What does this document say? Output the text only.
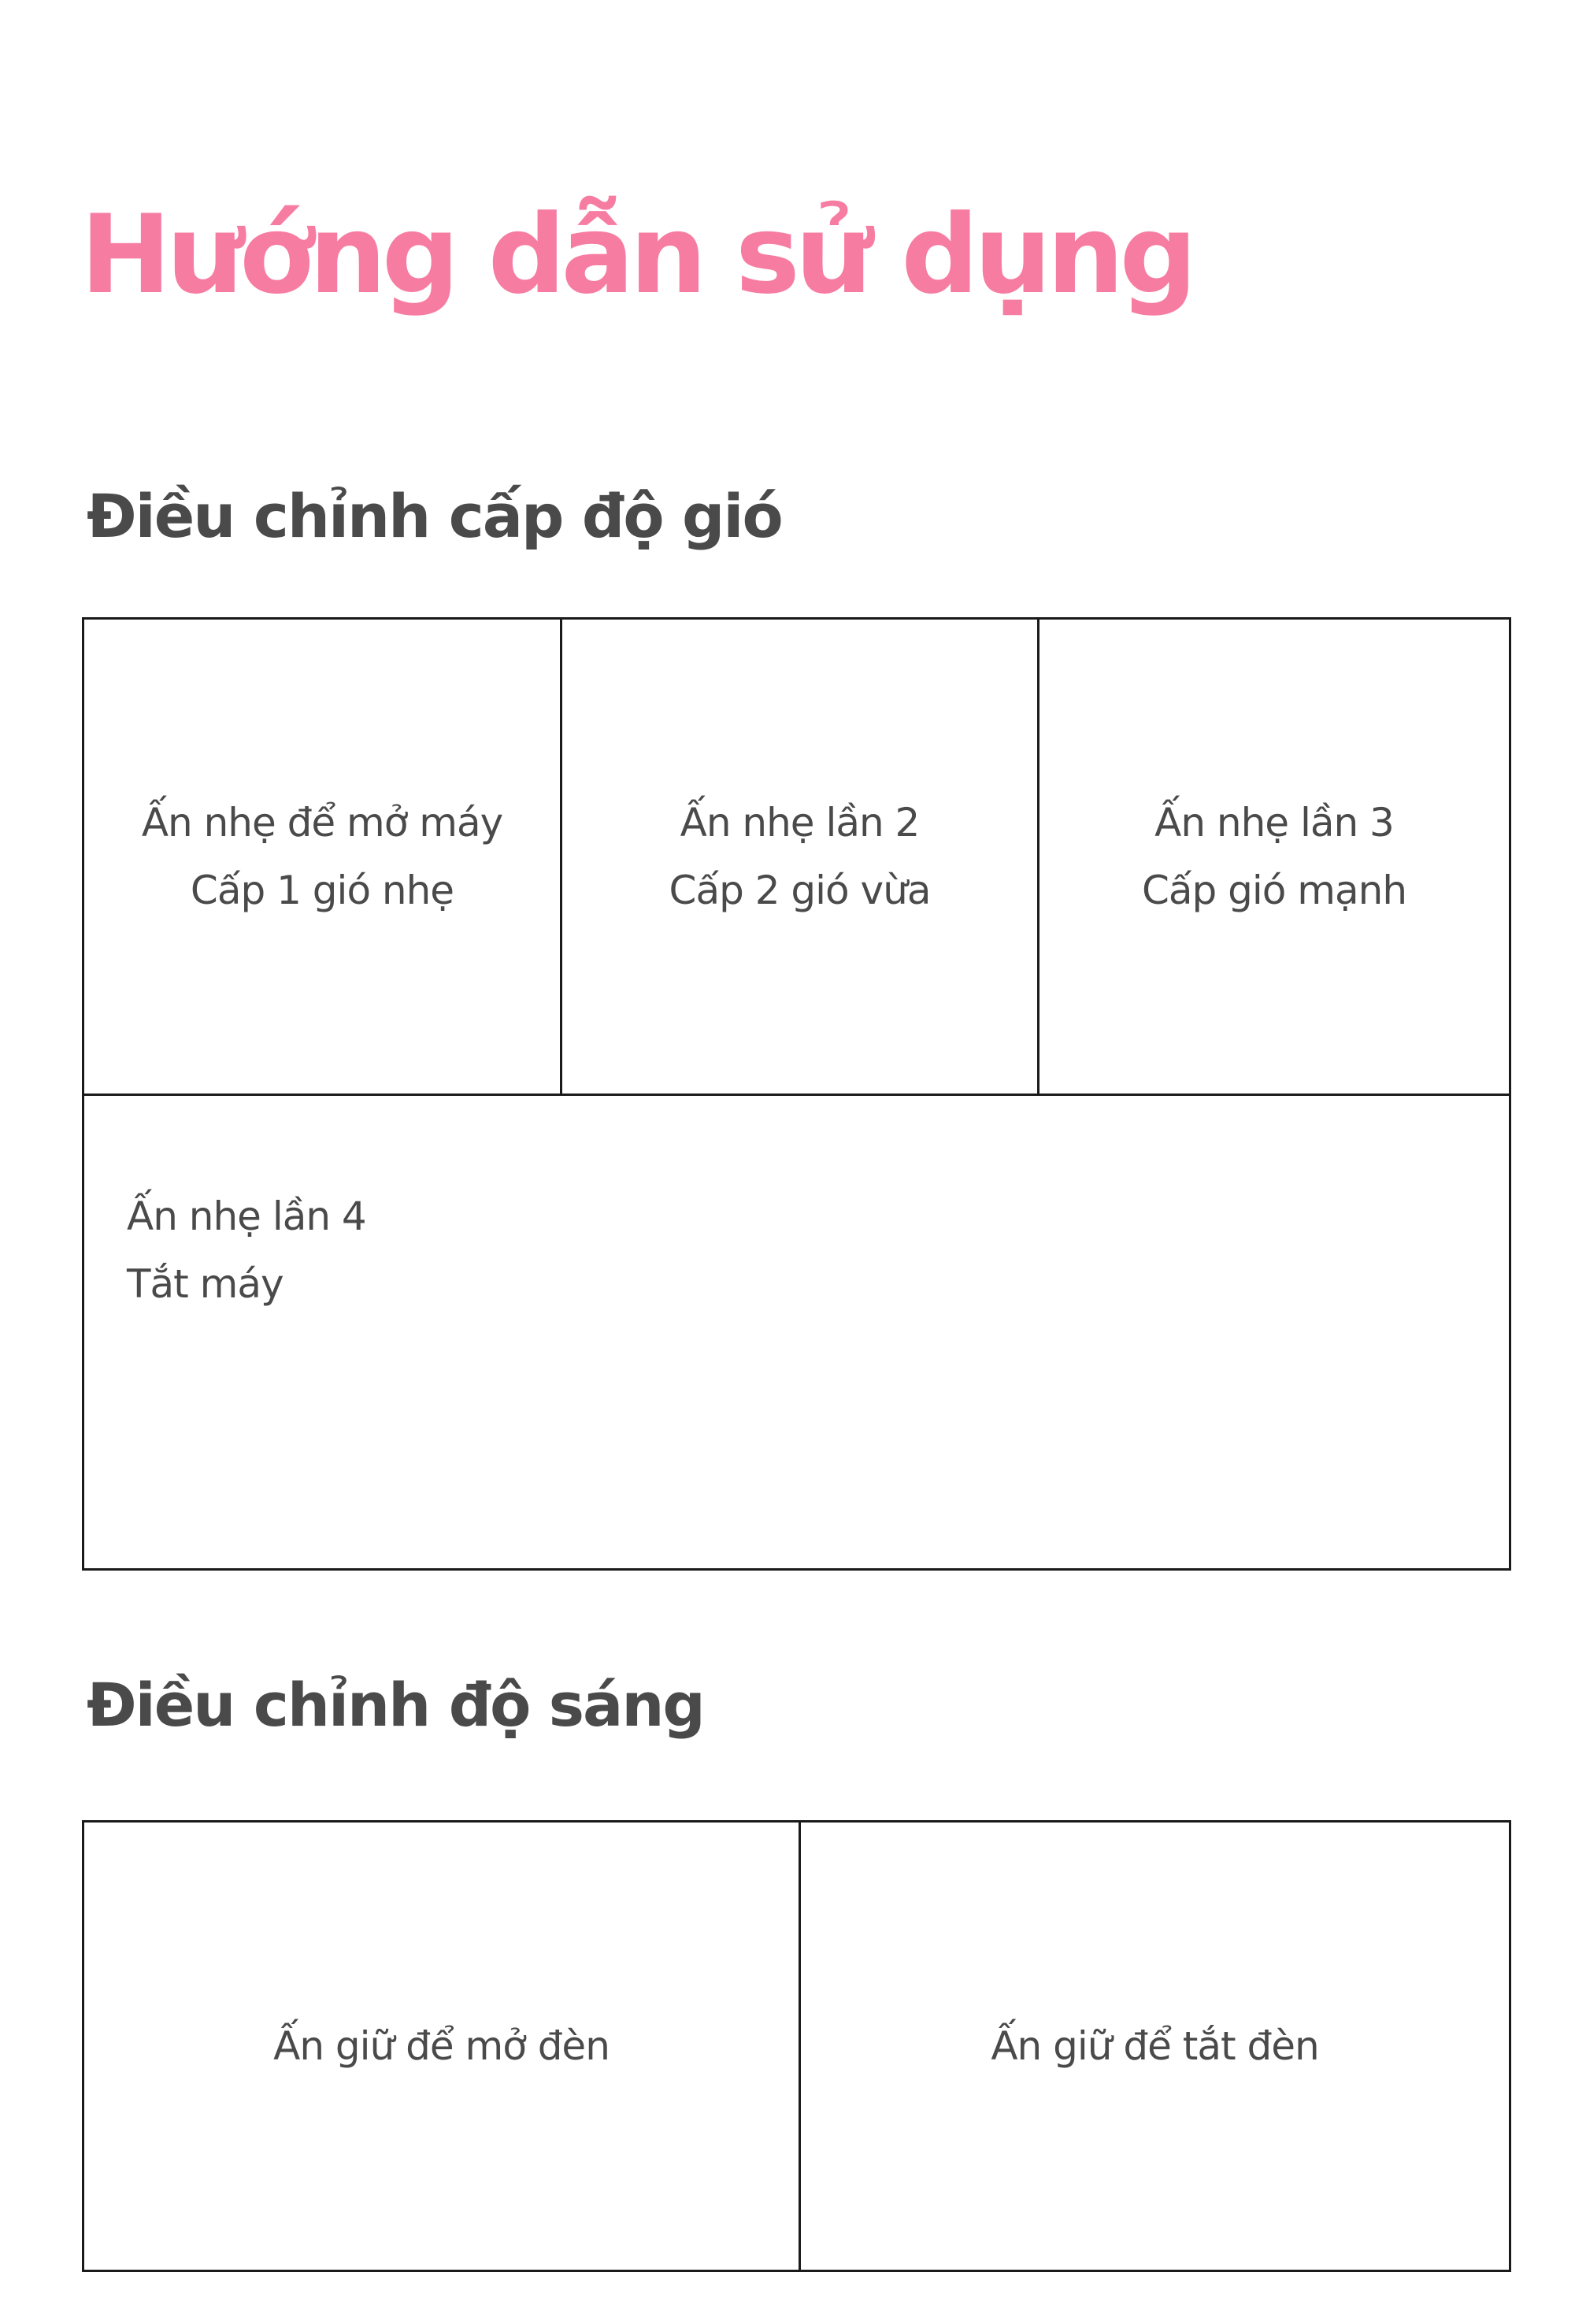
Hướng dẫn sử dụng
Điều chỉnh cấp độ gió
Ấn nhẹ để mở máy
Cấp 1 gió nhẹ
Ấn nhẹ lần 2
Cấp 2 gió vừa
Ấn nhẹ lần 3
Cấp gió mạnh
Ấn nhẹ lần 4
Tắt máy
Điều chỉnh độ sáng
Ấn giữ để mở đèn	Ấn giữ để tắt đèn
